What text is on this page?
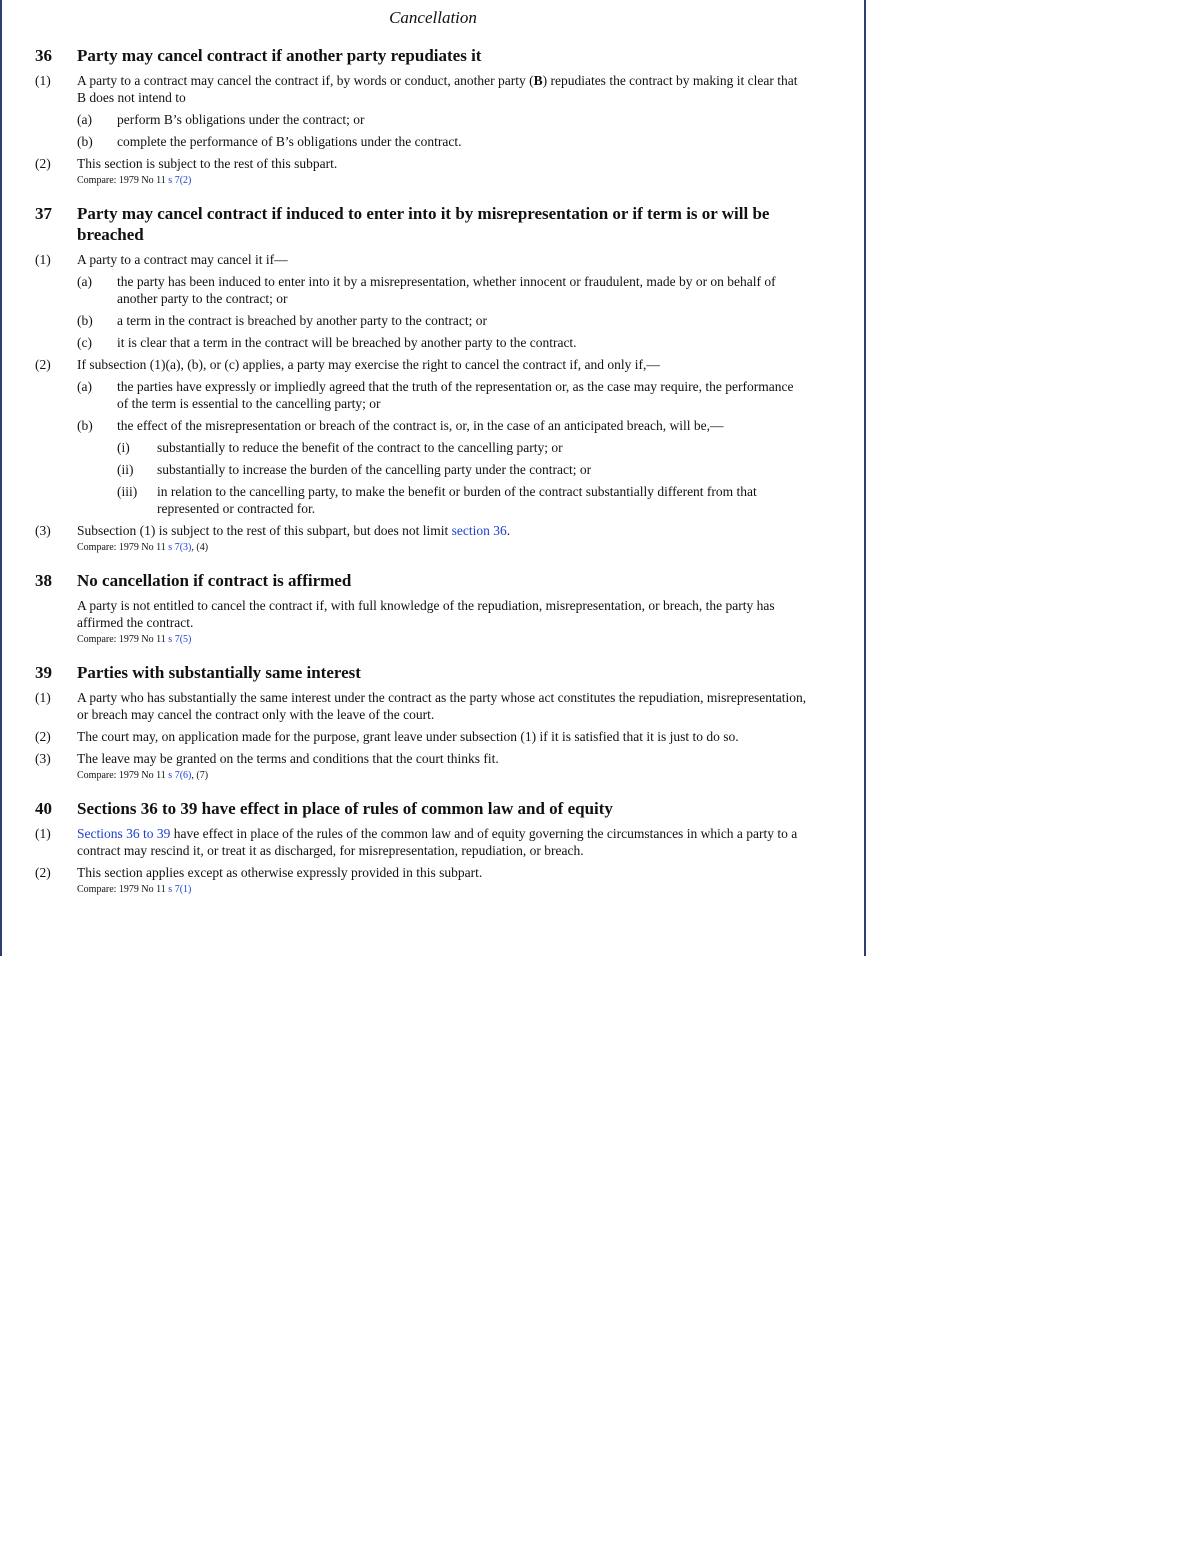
Cancellation
36 Party may cancel contract if another party repudiates it
(1) A party to a contract may cancel the contract if, by words or conduct, another party (B) repudiates the contract by making it clear that B does not intend to
(a) perform B’s obligations under the contract; or
(b) complete the performance of B’s obligations under the contract.
(2) This section is subject to the rest of this subpart.
Compare: 1979 No 11 s 7(2)
37 Party may cancel contract if induced to enter into it by misrepresentation or if term is or will be breached
(1) A party to a contract may cancel it if—
(a) the party has been induced to enter into it by a misrepresentation, whether innocent or fraudulent, made by or on behalf of another party to the contract; or
(b) a term in the contract is breached by another party to the contract; or
(c) it is clear that a term in the contract will be breached by another party to the contract.
(2) If subsection (1)(a), (b), or (c) applies, a party may exercise the right to cancel the contract if, and only if,—
(a) the parties have expressly or impliedly agreed that the truth of the representation or, as the case may require, the performance of the term is essential to the cancelling party; or
(b) the effect of the misrepresentation or breach of the contract is, or, in the case of an anticipated breach, will be,—
(i) substantially to reduce the benefit of the contract to the cancelling party; or
(ii) substantially to increase the burden of the cancelling party under the contract; or
(iii) in relation to the cancelling party, to make the benefit or burden of the contract substantially different from that represented or contracted for.
(3) Subsection (1) is subject to the rest of this subpart, but does not limit section 36.
Compare: 1979 No 11 s 7(3), (4)
38 No cancellation if contract is affirmed
A party is not entitled to cancel the contract if, with full knowledge of the repudiation, misrepresentation, or breach, the party has affirmed the contract.
Compare: 1979 No 11 s 7(5)
39 Parties with substantially same interest
(1) A party who has substantially the same interest under the contract as the party whose act constitutes the repudiation, misrepresentation, or breach may cancel the contract only with the leave of the court.
(2) The court may, on application made for the purpose, grant leave under subsection (1) if it is satisfied that it is just to do so.
(3) The leave may be granted on the terms and conditions that the court thinks fit.
Compare: 1979 No 11 s 7(6), (7)
40 Sections 36 to 39 have effect in place of rules of common law and of equity
(1) Sections 36 to 39 have effect in place of the rules of the common law and of equity governing the circumstances in which a party to a contract may rescind it, or treat it as discharged, for misrepresentation, repudiation, or breach.
(2) This section applies except as otherwise expressly provided in this subpart.
Compare: 1979 No 11 s 7(1)
